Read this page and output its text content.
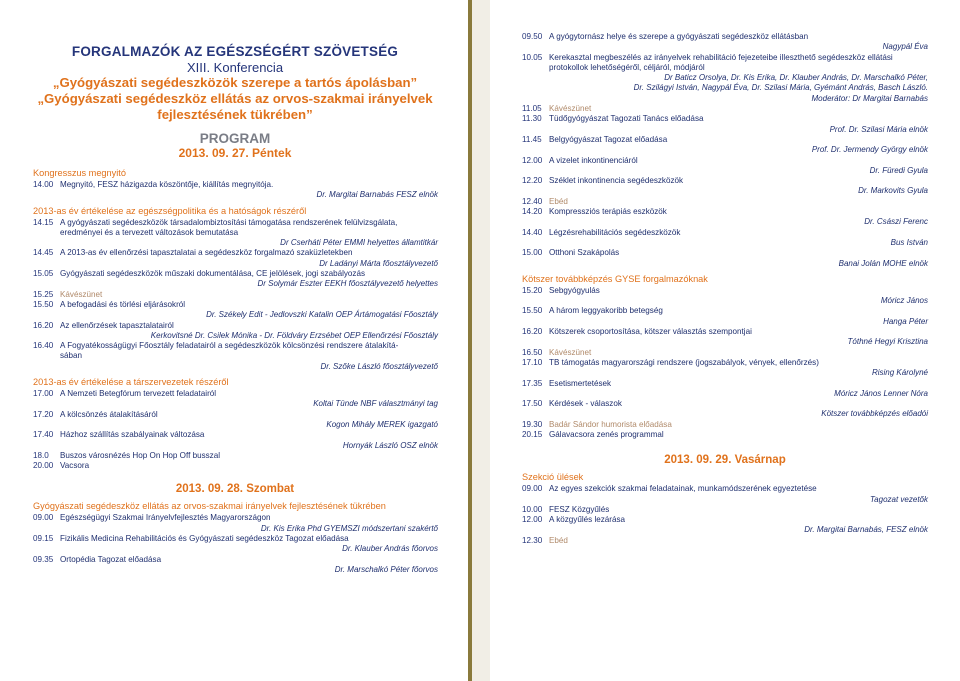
FORGALMAZÓK AZ EGÉSZSÉGÉRT SZÖVETSÉG
XIII. Konferencia
„Gyógyászati segédeszközök szerepe a tartós ápolásban”
„Gyógyászati segédeszköz ellátás az orvos-szakmai irányelvek
fejlesztésének tükrében”
PROGRAM
2013. 09. 27. Péntek
Kongresszus megnyitó
14.00 Megnyitó, FESZ házigazda köszöntője, kiállítás megnyitója.
Dr. Margitai Barnabás FESZ elnök
2013-as év értékelése az egészségpolitika és a hatóságok részéről
14.15 A gyógyászati segédeszközök társadalombiztosítási támogatása rendszerének felülvizsgálata,
eredményei és a tervezett változások bemutatása
Dr Cserháti Péter EMMI helyettes államtitkár
14.45 A 2013-as év ellenőrzési tapasztalatai a segédeszköz forgalmazó szaküzletekben
Dr Ladányi Márta főosztályvezető
15.05 Gyógyászati segédeszközök műszaki dokumentálása, CE jelölések, jogi szabályozás
Dr Solymár Eszter EEKH főosztályvezető helyettes
15.25 Kávészünet
15.50 A befogadási és törlési eljárásokról
Dr. Székely Edit - Jedlovszki Katalin OEP Ártámogatási Főosztály
16.20 Az ellenőrzések tapasztalatairól
Kerkovitsné Dr. Csilek Mónika - Dr. Földváry Erzsébet OEP Ellenőrzési Főosztály
16.40 A Fogyatékosságügyi Főosztály feladatairól a segédeszközök kölcsönzési rendszere átalakítá-
sában
Dr. Szőke László főosztályvezető
2013-as év értékelése a társzervezetek részéről
17.00 A Nemzeti Betegfórum tervezett feladatairól
Koltai Tünde NBF választmányi tag
17.20 A kölcsönzés átalakításáról
Kogon Mihály MEREK igazgató
17.40 Házhoz szállítás szabályainak változása
Hornyák László OSZ elnök
18.0	Buszos városnézés Hop On Hop Off busszal
20.00 Vacsora
2013. 09. 28. Szombat
Gyógyászati segédeszköz ellátás az orvos-szakmai irányelvek fejlesztésének tükrében
09.00 Egészségügyi Szakmai Irányelvfejlesztés Magyarországon
Dr. Kis Erika Phd GYEMSZI módszertani szakértő
09.15 Fizikális Medicina Rehabilitációs és Gyógyászati segédeszköz Tagozat előadása
Dr. Klauber András főorvos
09.35 Ortopédia Tagozat előadása
Dr. Marschalkó Péter főorvos
09.50 A gyógytornász helye és szerepe a gyógyászati segédeszköz ellátásban
Nagypál Éva
10.05 Kerekasztal megbeszélés az irányelvek rehabilitáció fejezeteibe illeszthető segédeszköz ellátási
protokollok lehetőségéről, céljáról, módjáról
Dr Baticz Orsolya, Dr. Kis Erika, Dr. Klauber András, Dr. Marschalkó Péter,
Dr. Szilágyi István, Nagypál Éva, Dr. Szilasi Mária, Gyémánt András, Basch László.
Moderátor: Dr Margitai Barnabás
11.05 Kávészünet
11.30 Tüdőgyógyászat Tagozati Tanács előadása
Prof. Dr. Szilasi Mária elnök
11.45 Belgyógyászat Tagozat előadása
Prof. Dr. Jermendy György elnök
12.00 A vizelet inkontinenciáról
Dr. Füredi Gyula
12.20 Széklet inkontinencia segédeszközök
Dr. Markovits Gyula
12.40 Ebéd
14.20 Kompressziós terápiás eszközök
Dr. Császi Ferenc
14.40 Légzésrehabilitációs segédeszközök
Bus István
15.00 Otthoni Szakápolás
Banai Jolán MOHE elnök
Kötszer továbbképzés GYSE forgalmazóknak
15.20 Sebgyógyulás
Móricz János
15.50 A három leggyakoribb betegség
Hanga Péter
16.20 Kötszerek csoportosítása, kötszer választás szempontjai
Tóthné Hegyi Krisztina
16.50 Kávészünet
17.10 TB támogatás magyarországi rendszere (jogszabályok, vények, ellenőrzés)
Rising Károlyné
17.35 Esetismertetések
Móricz János Lenner Nóra
17.50 Kérdések - válaszok
Kötszer továbbképzés előadói
19.30 Badár Sándor humorista előadása
20.15 Gálavacsora zenés programmal
2013. 09. 29. Vasárnap
Szekció ülések
09.00 Az egyes szekciók szakmai feladatainak, munkamódszerének egyeztetése
Tagozat vezetők
10.00 FESZ Közgyűlés
12.00 A közgyűlés lezárása
Dr. Margitai Barnabás, FESZ elnök
12.30 Ebéd
